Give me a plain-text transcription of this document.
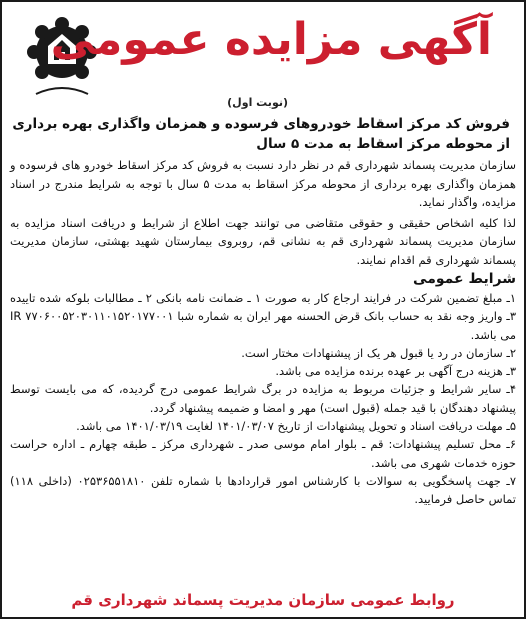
آگهی مزایده عمومی
(نوبت اول)
فروش کد مرکز اسقاط خودروهای فرسوده و همزمان واگذاری بهره برداری از محوطه مرکز اسقاط به مدت ۵ سال

سازمان مدیریت پسماند شهرداری قم در نظر دارد نسبت به فروش کد مرکز اسقاط خودرو های فرسوده و همزمان واگذاری بهره برداری از محوطه مرکز اسقاط به مدت ۵ سال با توجه به شرایط مندرج در اسناد مزایده، واگذار نماید.

لذا کلیه اشخاص حقیقی و حقوقی متقاضی می توانند جهت اطلاع از شرایط و دریافت اسناد مزایده به سازمان مدیریت پسماند شهرداری قم به نشانی قم، روبروی بیمارستان شهید بهشتی، سازمان مدیریت پسماند شهرداری قم اقدام نمایند.

شرایط عمومی

۱ـ مبلغ تضمین شرکت در فرایند ارجاع کار به صورت ۱ ـ ضمانت نامه بانکی ۲ ـ مطالبات بلوکه شده تاییده ۳ـ واریز وجه نقد به حساب بانک قرض الحسنه مهر ایران به شماره شبا IR ۷۷۰۶۰۰۵۲۰۳۰۱۱۰۱۵۲۰۱۷۷۰۰۱ می باشد.

۲ـ سازمان در رد یا قبول هر یک از پیشنهادات مختار است.

۳ـ هزینه درج آگهی بر عهده برنده مزایده می باشد.

۴ـ سایر شرایط و جزئیات مربوط به مزایده در برگ شرایط عمومی درج گردیده، که می بایست توسط پیشنهاد دهندگان با قید جمله (قبول است) مهر و امضا و ضمیمه پیشنهاد گردد.

۵ـ مهلت دریافت اسناد و تحویل پیشنهادات از تاریخ ۱۴۰۱/۰۳/۰۷ لغایت ۱۴۰۱/۰۳/۱۹ می باشد.

۶ـ محل تسلیم پیشنهادات: قم ـ بلوار امام موسی صدر ـ شهرداری مرکز ـ طبقه چهارم ـ اداره حراست حوزه خدمات شهری می باشد.

۷ـ جهت پاسخگویی به سوالات با کارشناس امور قراردادها با شماره تلفن ۰۲۵۳۶۵۵۱۸۱۰ (داخلی ۱۱۸) تماس حاصل فرمایید.

روابط عمومی سازمان مدیریت پسماند شهرداری قم
